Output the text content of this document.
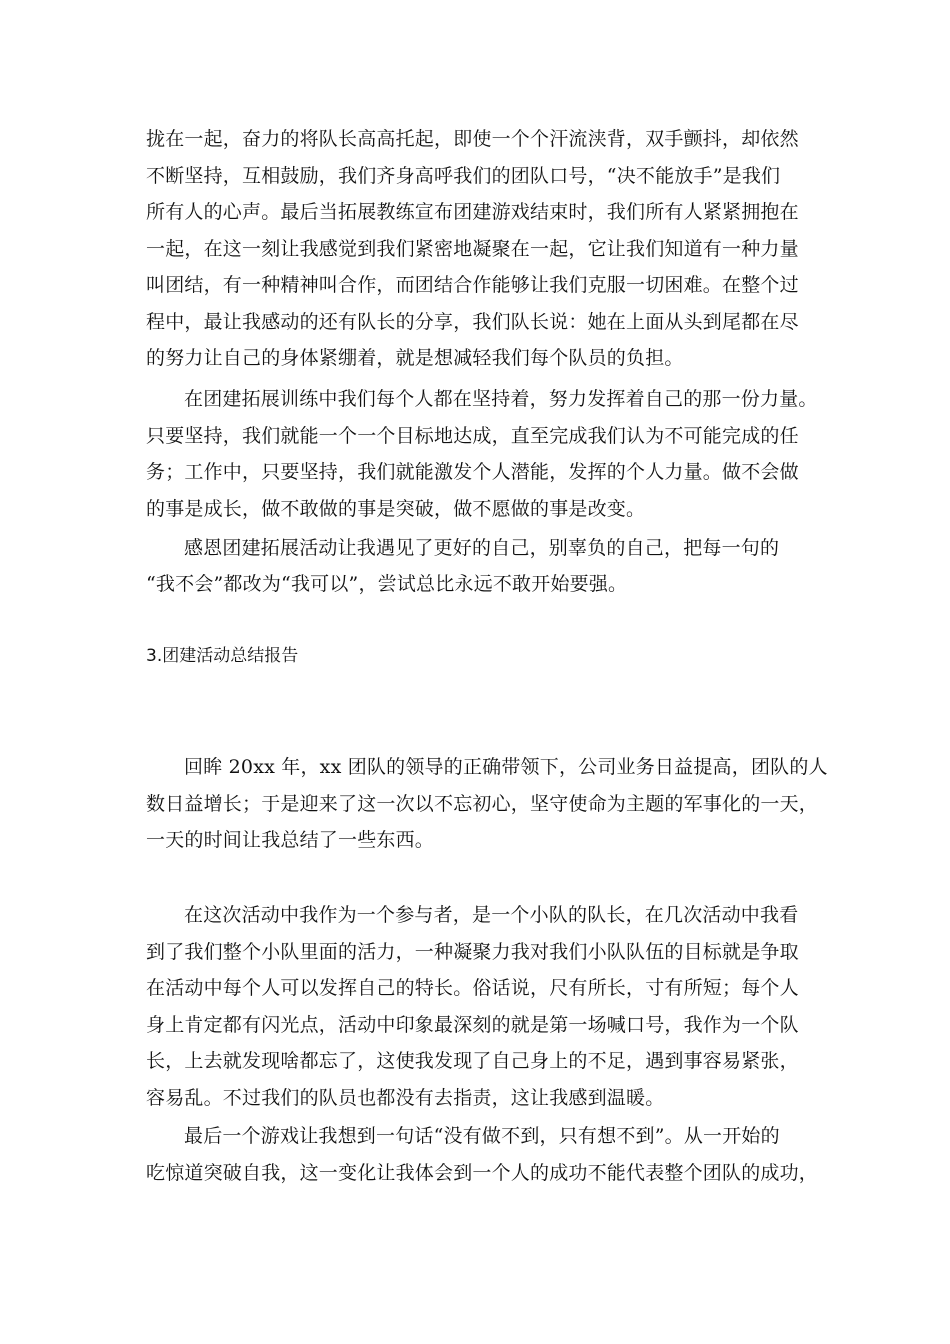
拢在一起，奋力的将队长高高托起，即使一个个汗流浃背，双手颤抖，却依然
不断坚持，互相鼓励，我们齐身高呼我们的团队口号，“决不能放手”是我们
所有人的心声。最后当拓展教练宣布团建游戏结束时，我们所有人紧紧拥抱在
一起，在这一刻让我感觉到我们紧密地凝聚在一起，它让我们知道有一种力量
叫团结，有一种精神叫合作，而团结合作能够让我们克服一切困难。在整个过
程中，最让我感动的还有队长的分享，我们队长说：她在上面从头到尾都在尽
的努力让自己的身体紧绷着，就是想减轻我们每个队员的负担。
在团建拓展训练中我们每个人都在坚持着，努力发挥着自己的那一份力量。
只要坚持，我们就能一个一个目标地达成，直至完成我们认为不可能完成的任
务；工作中，只要坚持，我们就能激发个人潜能，发挥的个人力量。做不会做
的事是成长，做不敢做的事是突破，做不愿做的事是改变。
感恩团建拓展活动让我遇见了更好的自己，别辜负的自己，把每一句的
“我不会”都改为“我可以”，尝试总比永远不敢开始要强。
3.团建活动总结报告
回眸 20xx 年，xx 团队的领导的正确带领下，公司业务日益提高，团队的人
数日益增长；于是迎来了这一次以不忘初心，坚守使命为主题的军事化的一天，
一天的时间让我总结了一些东西。
在这次活动中我作为一个参与者，是一个小队的队长，在几次活动中我看
到了我们整个小队里面的活力，一种凝聚力我对我们小队队伍的目标就是争取
在活动中每个人可以发挥自己的特长。俗话说，尺有所长，寸有所短；每个人
身上肯定都有闪光点，活动中印象最深刻的就是第一场喊口号，我作为一个队
长，上去就发现啥都忘了，这使我发现了自己身上的不足，遇到事容易紧张，
容易乱。不过我们的队员也都没有去指责，这让我感到温暖。
最后一个游戏让我想到一句话“没有做不到，只有想不到”。从一开始的
吃惊道突破自我，这一变化让我体会到一个人的成功不能代表整个团队的成功，
